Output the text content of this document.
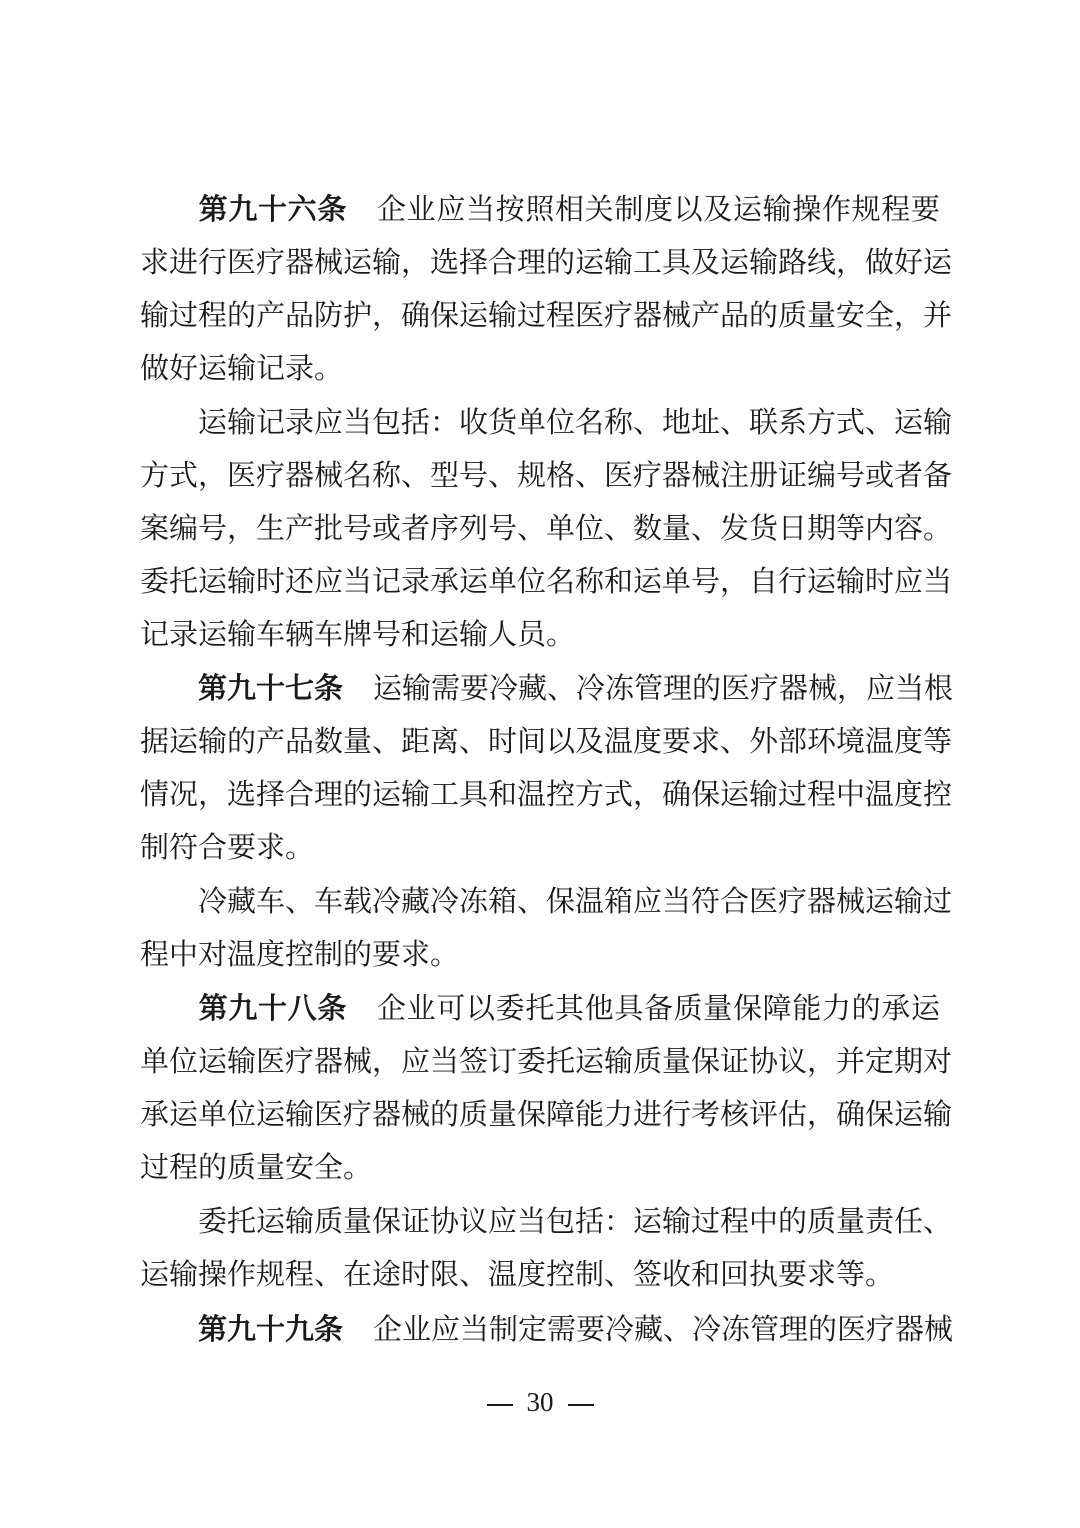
第九十六条 企业应当按照相关制度以及运输操作规程要
求进行医疗器械运输，选择合理的运输工具及运输路线，做好运
输过程的产品防护，确保运输过程医疗器械产品的质量安全，并
做好运输记录。
运输记录应当包括：收货单位名称、地址、联系方式、运输
方式，医疗器械名称、型号、规格、医疗器械注册证编号或者备
案编号，生产批号或者序列号、单位、数量、发货日期等内容。
委托运输时还应当记录承运单位名称和运单号，自行运输时应当
记录运输车辆车牌号和运输人员。
第九十七条 运输需要冷藏、冷冻管理的医疗器械，应当根
据运输的产品数量、距离、时间以及温度要求、外部环境温度等
情况，选择合理的运输工具和温控方式，确保运输过程中温度控
制符合要求。
冷藏车、车载冷藏冷冻箱、保温箱应当符合医疗器械运输过
程中对温度控制的要求。
第九十八条 企业可以委托其他具备质量保障能力的承运
单位运输医疗器械，应当签订委托运输质量保证协议，并定期对
承运单位运输医疗器械的质量保障能力进行考核评估，确保运输
过程的质量安全。
委托运输质量保证协议应当包括：运输过程中的质量责任、
运输操作规程、在途时限、温度控制、签收和回执要求等。
第九十九条 企业应当制定需要冷藏、冷冻管理的医疗器械
30
